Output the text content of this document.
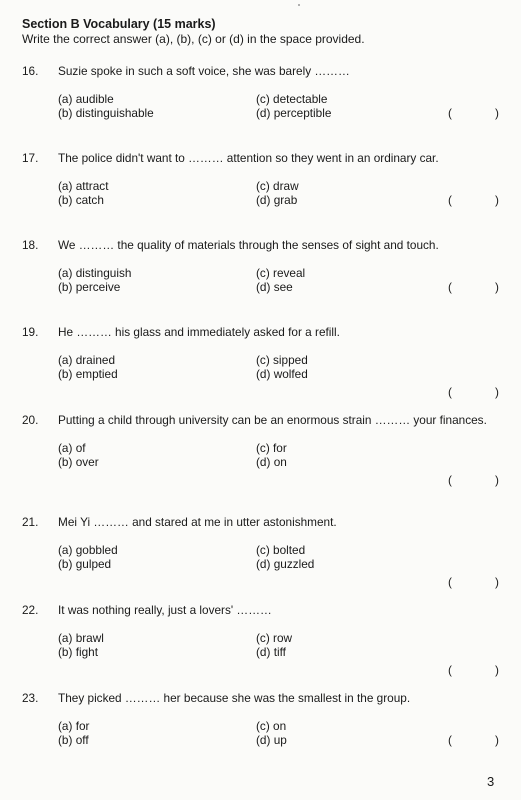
Section B Vocabulary (15 marks)
Write the correct answer (a), (b), (c) or (d) in the space provided.
16.	Suzie spoke in such a soft voice, she was barely ………
(a) audible
(b) distinguishable
(c) detectable
(d) perceptible	(	)
17.	The police didn't want to ……… attention so they went in an ordinary car.
(a) attract
(b) catch
(c) draw
(d) grab	(	)
18.	We ……… the quality of materials through the senses of sight and touch.
(a) distinguish
(b) perceive
(c) reveal
(d) see	(	)
19.	He ……… his glass and immediately asked for a refill.
(a) drained
(b) emptied
(c) sipped
(d) wolfed
(	)
20.	Putting a child through university can be an enormous strain ……… your finances.
(a) of
(b) over
(c) for
(d) on
(	)
21.	Mei Yi ……… and stared at me in utter astonishment.
(a) gobbled
(b) gulped
(c) bolted
(d) guzzled
(	)
22.	It was nothing really, just a lovers' ………
(a) brawl
(b) fight
(c) row
(d) tiff
(	)
23.	They picked ……… her because she was the smallest in the group.
(a) for
(b) off
(c) on
(d) up	(	)
3
